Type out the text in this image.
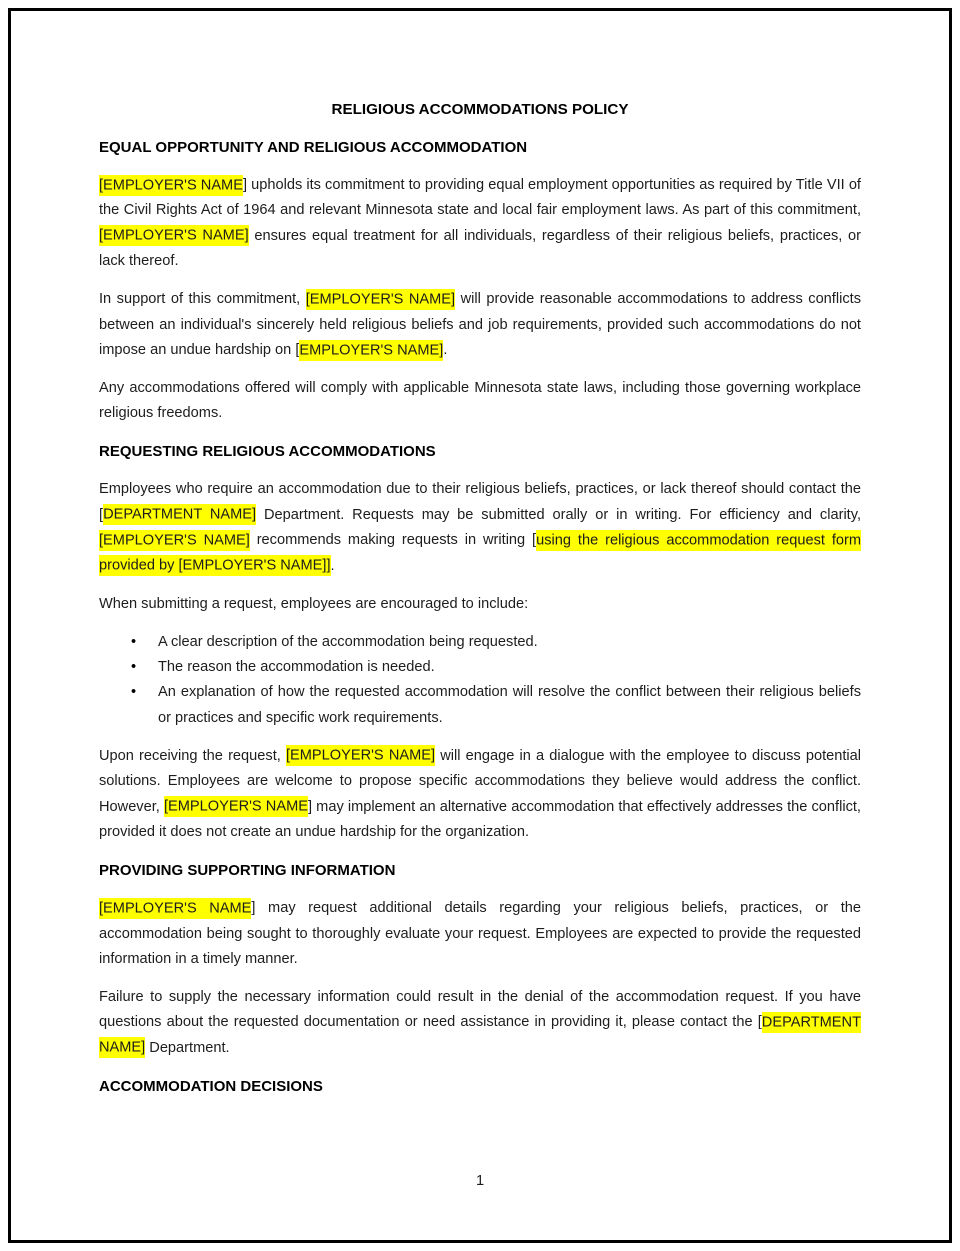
RELIGIOUS ACCOMMODATIONS POLICY
EQUAL OPPORTUNITY AND RELIGIOUS ACCOMMODATION

[EMPLOYER'S NAME] upholds its commitment to providing equal employment opportunities as required by Title VII of the Civil Rights Act of 1964 and relevant Minnesota state and local fair employment laws. As part of this commitment, [EMPLOYER'S NAME] ensures equal treatment for all individuals, regardless of their religious beliefs, practices, or lack thereof.

In support of this commitment, [EMPLOYER'S NAME] will provide reasonable accommodations to address conflicts between an individual's sincerely held religious beliefs and job requirements, provided such accommodations do not impose an undue hardship on [EMPLOYER'S NAME].

Any accommodations offered will comply with applicable Minnesota state laws, including those governing workplace religious freedoms.

REQUESTING RELIGIOUS ACCOMMODATIONS

Employees who require an accommodation due to their religious beliefs, practices, or lack thereof should contact the [DEPARTMENT NAME] Department. Requests may be submitted orally or in writing. For efficiency and clarity, [EMPLOYER'S NAME] recommends making requests in writing [using the religious accommodation request form provided by [EMPLOYER'S NAME]].

When submitting a request, employees are encouraged to include:

• A clear description of the accommodation being requested.
• The reason the accommodation is needed.
• An explanation of how the requested accommodation will resolve the conflict between their religious beliefs or practices and specific work requirements.

Upon receiving the request, [EMPLOYER'S NAME] will engage in a dialogue with the employee to discuss potential solutions. Employees are welcome to propose specific accommodations they believe would address the conflict. However, [EMPLOYER'S NAME] may implement an alternative accommodation that effectively addresses the conflict, provided it does not create an undue hardship for the organization.

PROVIDING SUPPORTING INFORMATION

[EMPLOYER'S NAME] may request additional details regarding your religious beliefs, practices, or the accommodation being sought to thoroughly evaluate your request. Employees are expected to provide the requested information in a timely manner.

Failure to supply the necessary information could result in the denial of the accommodation request. If you have questions about the requested documentation or need assistance in providing it, please contact the [DEPARTMENT NAME] Department.

ACCOMMODATION DECISIONS
1
